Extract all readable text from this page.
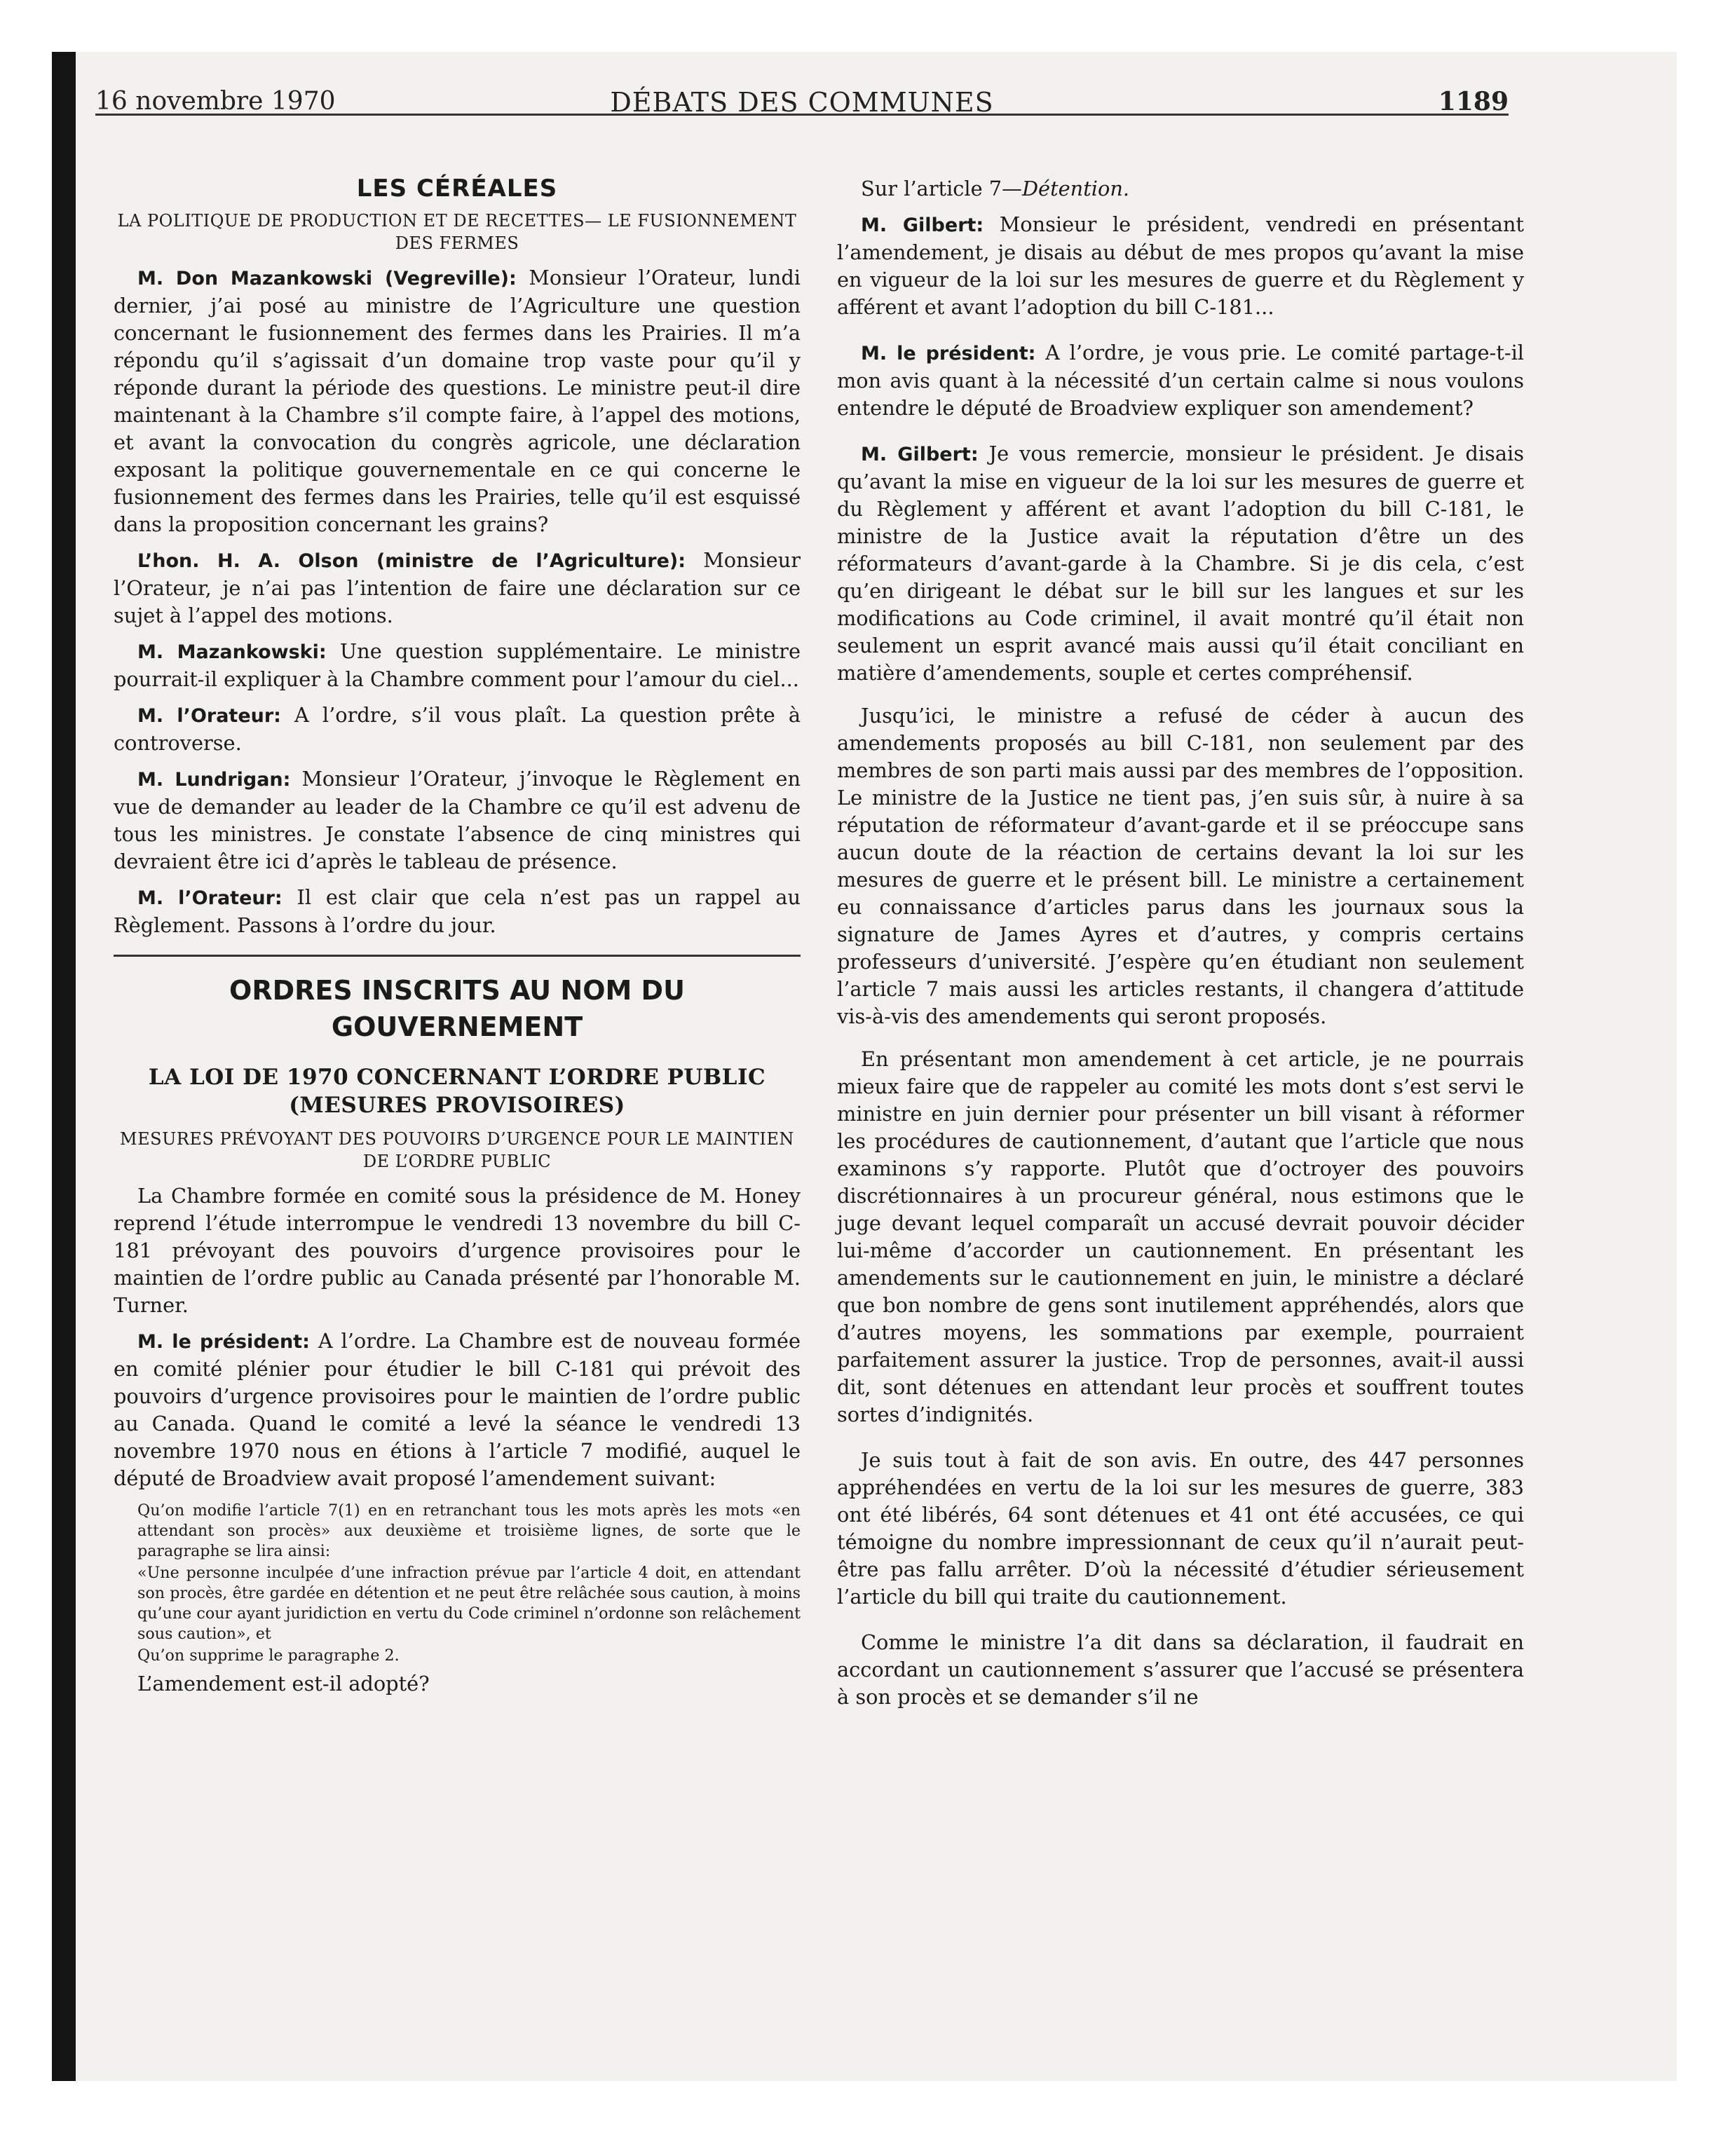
16 novembre 1970	DÉBATS DES COMMUNES	1189

LES CÉRÉALES

LA POLITIQUE DE PRODUCTION ET DE RECETTES— LE FUSIONNEMENT DES FERMES

M. Don Mazankowski (Vegreville): Monsieur l’Orateur, lundi dernier, j’ai posé au ministre de l’Agriculture une question concernant le fusionnement des fermes dans les Prairies. Il m’a répondu qu’il s’agissait d’un domaine trop vaste pour qu’il y réponde durant la période des questions. Le ministre peut-il dire maintenant à la Chambre s’il compte faire, à l’appel des motions, et avant la convocation du congrès agricole, une déclaration exposant la politique gouvernementale en ce qui concerne le fusionnement des fermes dans les Prairies, telle qu’il est esquissé dans la proposition concernant les grains?

L’hon. H. A. Olson (ministre de l’Agriculture): Monsieur l’Orateur, je n’ai pas l’intention de faire une déclaration sur ce sujet à l’appel des motions.

M. Mazankowski: Une question supplémentaire. Le ministre pourrait-il expliquer à la Chambre comment pour l’amour du ciel...

M. l’Orateur: A l’ordre, s’il vous plaît. La question prête à controverse.

M. Lundrigan: Monsieur l’Orateur, j’invoque le Règlement en vue de demander au leader de la Chambre ce qu’il est advenu de tous les ministres. Je constate l’absence de cinq ministres qui devraient être ici d’après le tableau de présence.

M. l’Orateur: Il est clair que cela n’est pas un rappel au Règlement. Passons à l’ordre du jour.

ORDRES INSCRITS AU NOM DU GOUVERNEMENT

LA LOI DE 1970 CONCERNANT L’ORDRE PUBLIC (MESURES PROVISOIRES)

MESURES PRÉVOYANT DES POUVOIRS D’URGENCE POUR LE MAINTIEN DE L’ORDRE PUBLIC

La Chambre formée en comité sous la présidence de M. Honey reprend l’étude interrompue le vendredi 13 novembre du bill C-181 prévoyant des pouvoirs d’urgence provisoires pour le maintien de l’ordre public au Canada présenté par l’honorable M. Turner.

M. le président: A l’ordre. La Chambre est de nouveau formée en comité plénier pour étudier le bill C-181 qui prévoit des pouvoirs d’urgence provisoires pour le maintien de l’ordre public au Canada. Quand le comité a levé la séance le vendredi 13 novembre 1970 nous en étions à l’article 7 modifié, auquel le député de Broadview avait proposé l’amendement suivant:

Qu’on modifie l’article 7(1) en en retranchant tous les mots après les mots «en attendant son procès» aux deuxième et troisième lignes, de sorte que le paragraphe se lira ainsi:

«Une personne inculpée d’une infraction prévue par l’article 4 doit, en attendant son procès, être gardée en détention et ne peut être relâchée sous caution, à moins qu’une cour ayant juridiction en vertu du Code criminel n’ordonne son relâchement sous caution», et

Qu’on supprime le paragraphe 2.

L’amendement est-il adopté?

Sur l’article 7—Détention.

M. Gilbert: Monsieur le président, vendredi en présentant l’amendement, je disais au début de mes propos qu’avant la mise en vigueur de la loi sur les mesures de guerre et du Règlement y afférent et avant l’adoption du bill C-181...

M. le président: A l’ordre, je vous prie. Le comité partage-t-il mon avis quant à la nécessité d’un certain calme si nous voulons entendre le député de Broadview expliquer son amendement?

M. Gilbert: Je vous remercie, monsieur le président. Je disais qu’avant la mise en vigueur de la loi sur les mesures de guerre et du Règlement y afférent et avant l’adoption du bill C-181, le ministre de la Justice avait la réputation d’être un des réformateurs d’avant-garde à la Chambre. Si je dis cela, c’est qu’en dirigeant le débat sur le bill sur les langues et sur les modifications au Code criminel, il avait montré qu’il était non seulement un esprit avancé mais aussi qu’il était conciliant en matière d’amendements, souple et certes compréhensif.

Jusqu’ici, le ministre a refusé de céder à aucun des amendements proposés au bill C-181, non seulement par des membres de son parti mais aussi par des membres de l’opposition. Le ministre de la Justice ne tient pas, j’en suis sûr, à nuire à sa réputation de réformateur d’avant-garde et il se préoccupe sans aucun doute de la réaction de certains devant la loi sur les mesures de guerre et le présent bill. Le ministre a certainement eu connaissance d’articles parus dans les journaux sous la signature de James Ayres et d’autres, y compris certains professeurs d’université. J’espère qu’en étudiant non seulement l’article 7 mais aussi les articles restants, il changera d’attitude vis-à-vis des amendements qui seront proposés.

En présentant mon amendement à cet article, je ne pourrais mieux faire que de rappeler au comité les mots dont s’est servi le ministre en juin dernier pour présenter un bill visant à réformer les procédures de cautionnement, d’autant que l’article que nous examinons s’y rapporte. Plutôt que d’octroyer des pouvoirs discrétionnaires à un procureur général, nous estimons que le juge devant lequel comparaît un accusé devrait pouvoir décider lui-même d’accorder un cautionnement. En présentant les amendements sur le cautionnement en juin, le ministre a déclaré que bon nombre de gens sont inutilement appréhendés, alors que d’autres moyens, les sommations par exemple, pourraient parfaitement assurer la justice. Trop de personnes, avait-il aussi dit, sont détenues en attendant leur procès et souffrent toutes sortes d’indignités.

Je suis tout à fait de son avis. En outre, des 447 personnes appréhendées en vertu de la loi sur les mesures de guerre, 383 ont été libérés, 64 sont détenues et 41 ont été accusées, ce qui témoigne du nombre impressionnant de ceux qu’il n’aurait peut-être pas fallu arrêter. D’où la nécessité d’étudier sérieusement l’article du bill qui traite du cautionnement.

Comme le ministre l’a dit dans sa déclaration, il faudrait en accordant un cautionnement s’assurer que l’accusé se présentera à son procès et se demander s’il ne
